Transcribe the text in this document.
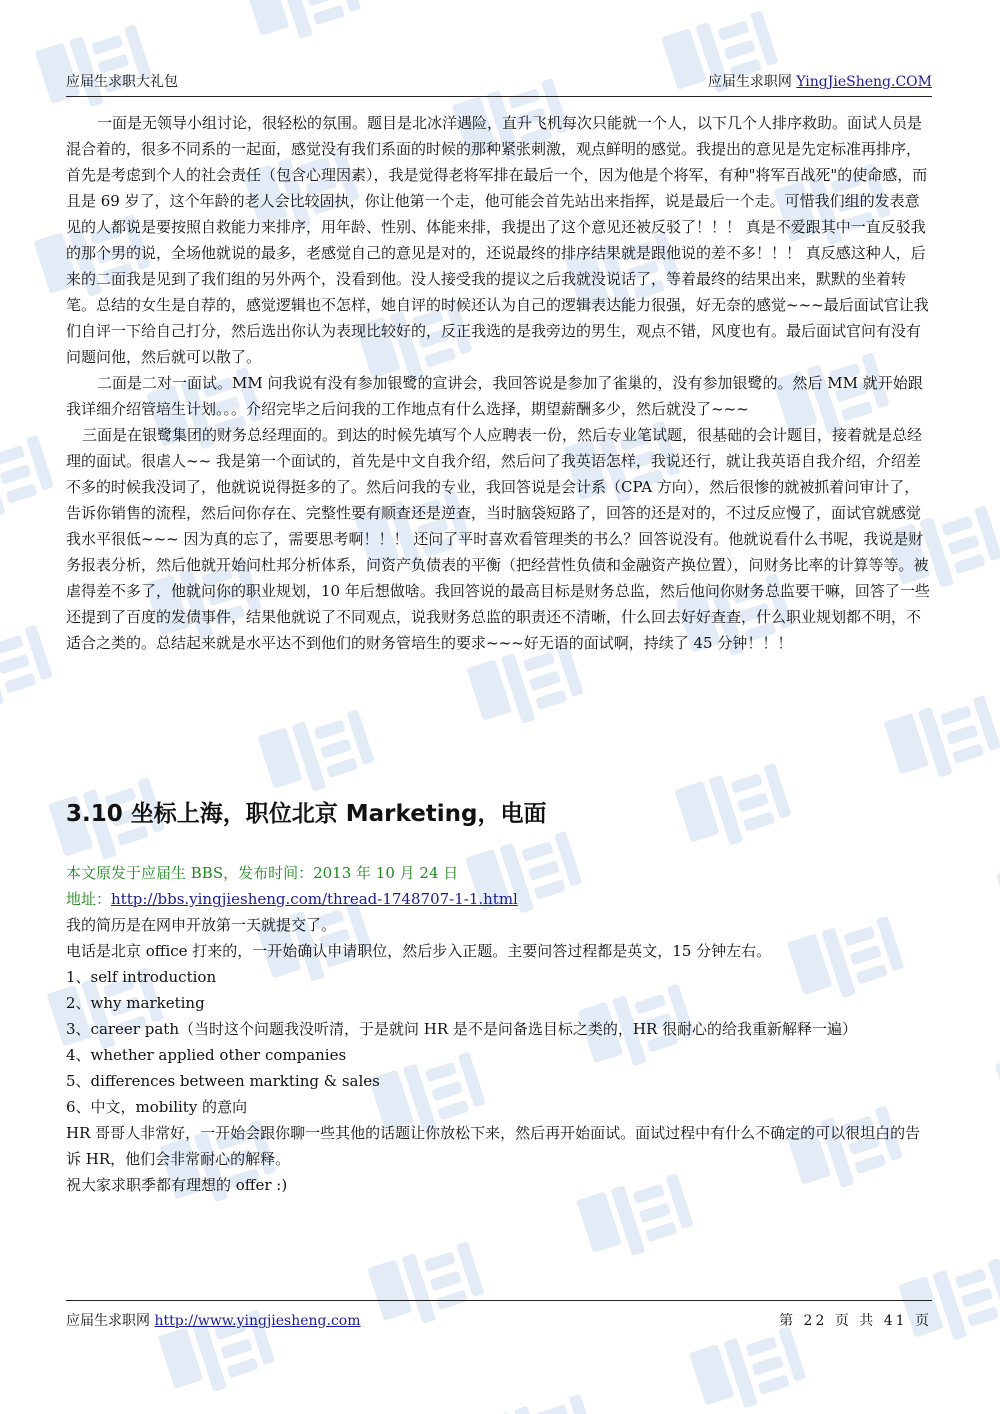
应届生求职大礼包	应届生求职网 YingJieSheng.COM

一面是无领导小组讨论，很轻松的氛围。题目是北冰洋遇险，直升飞机每次只能就一个人，以下几个人排序救助。面试人员是混合着的，很多不同系的一起面，感觉没有我们系面的时候的那种紧张刺激，观点鲜明的感觉。我提出的意见是先定标准再排序，首先是考虑到个人的社会责任（包含心理因素），我是觉得老将军排在最后一个，因为他是个将军，有种"将军百战死"的使命感，而且是 69 岁了，这个年龄的老人会比较固执，你让他第一个走，他可能会首先站出来指挥，说是最后一个走。可惜我们组的发表意见的人都说是要按照自救能力来排序，用年龄、性别、体能来排，我提出了这个意见还被反驳了！！！ 真是不爱跟其中一直反驳我的那个男的说，全场他就说的最多，老感觉自己的意见是对的，还说最终的排序结果就是跟他说的差不多！！！ 真反感这种人，后来的二面我是见到了我们组的另外两个，没看到他。没人接受我的提议之后我就没说话了，等着最终的结果出来，默默的坐着转笔。总结的女生是自荐的，感觉逻辑也不怎样，她自评的时候还认为自己的逻辑表达能力很强，好无奈的感觉~~~最后面试官让我们自评一下给自己打分，然后选出你认为表现比较好的，反正我选的是我旁边的男生，观点不错，风度也有。最后面试官问有没有问题问他，然后就可以散了。

二面是二对一面试。MM 问我说有没有参加银鹭的宣讲会，我回答说是参加了雀巢的，没有参加银鹭的。然后 MM 就开始跟我详细介绍管培生计划。。。介绍完毕之后问我的工作地点有什么选择，期望薪酬多少，然后就没了~~~

三面是在银鹭集团的财务总经理面的。到达的时候先填写个人应聘表一份，然后专业笔试题，很基础的会计题目，接着就是总经理的面试。很虐人~~ 我是第一个面试的，首先是中文自我介绍，然后问了我英语怎样，我说还行，就让我英语自我介绍，介绍差不多的时候我没词了，他就说说得挺多的了。然后问我的专业，我回答说是会计系（CPA 方向），然后很惨的就被抓着问审计了，告诉你销售的流程，然后问你存在、完整性要有顺查还是逆查，当时脑袋短路了，回答的还是对的，不过反应慢了，面试官就感觉我水平很低~~~ 因为真的忘了，需要思考啊！！！ 还问了平时喜欢看管理类的书么？回答说没有。他就说看什么书呢，我说是财务报表分析，然后他就开始问杜邦分析体系，问资产负债表的平衡（把经营性负债和金融资产换位置），问财务比率的计算等等。被虐得差不多了，他就问你的职业规划，10 年后想做啥。我回答说的最高目标是财务总监，然后他问你财务总监要干嘛，回答了一些还提到了百度的发债事件，结果他就说了不同观点，说我财务总监的职责还不清晰，什么回去好好查查，什么职业规划都不明，不适合之类的。总结起来就是水平达不到他们的财务管培生的要求~~~好无语的面试啊，持续了 45 分钟！！！

3.10 坐标上海，职位北京 Marketing，电面
本文原发于应届生 BBS，发布时间：2013 年 10 月 24 日
地址：http://bbs.yingjiesheng.com/thread-1748707-1-1.html

我的简历是在网申开放第一天就提交了。

电话是北京 office 打来的，一开始确认申请职位，然后步入正题。主要问答过程都是英文，15 分钟左右。

1、self introduction

2、why marketing

3、career path（当时这个问题我没听清，于是就问 HR 是不是问备选目标之类的，HR 很耐心的给我重新解释一遍）

4、whether applied other companies

5、differences between markting & sales

6、中文，mobility 的意向

HR 哥哥人非常好，一开始会跟你聊一些其他的话题让你放松下来，然后再开始面试。面试过程中有什么不确定的可以很坦白的告诉 HR，他们会非常耐心的解释。

祝大家求职季都有理想的 offer :)

应届生求职网 http://www.yingjiesheng.com	第 22 页 共 41 页
